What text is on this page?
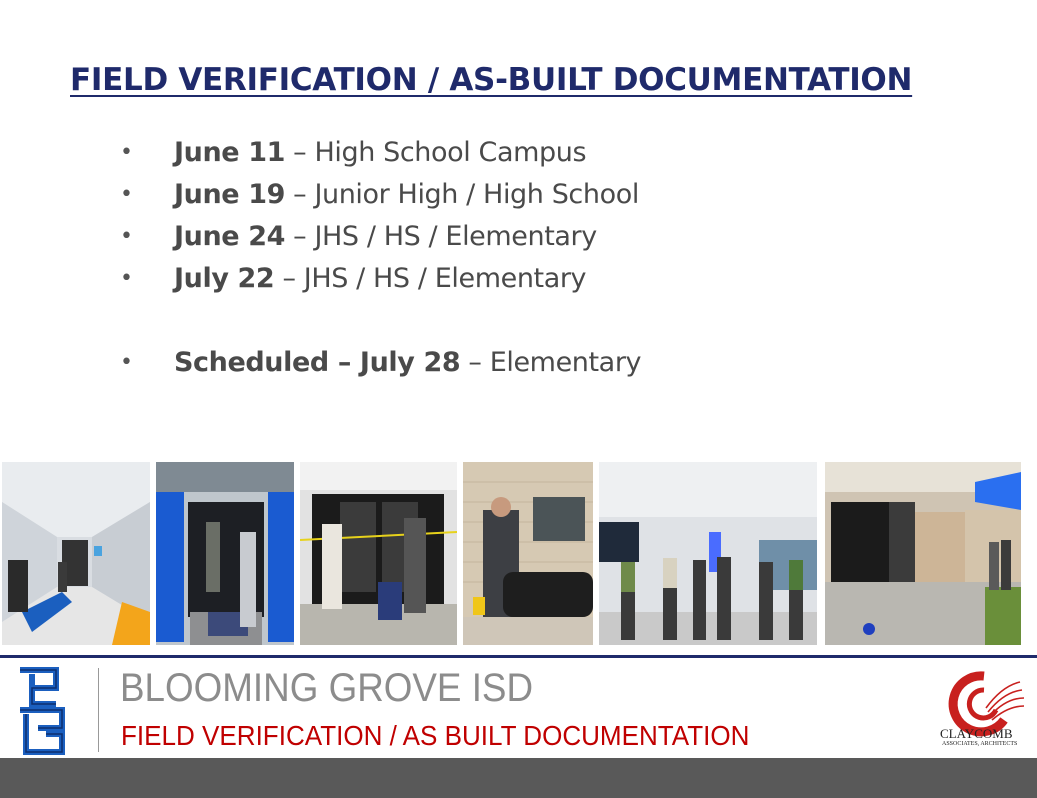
FIELD VERIFICATION / AS-BUILT DOCUMENTATION
• June 11 – High School Campus
• June 19 – Junior High / High School
• June 24 – JHS / HS / Elementary
• July 22 – JHS / HS / Elementary
• Scheduled – July 28 – Elementary
BLOOMING GROVE ISD
FIELD VERIFICATION / AS BUILT DOCUMENTATION	CLAYCOMB
ASSOCIATES, ARCHITECTS
